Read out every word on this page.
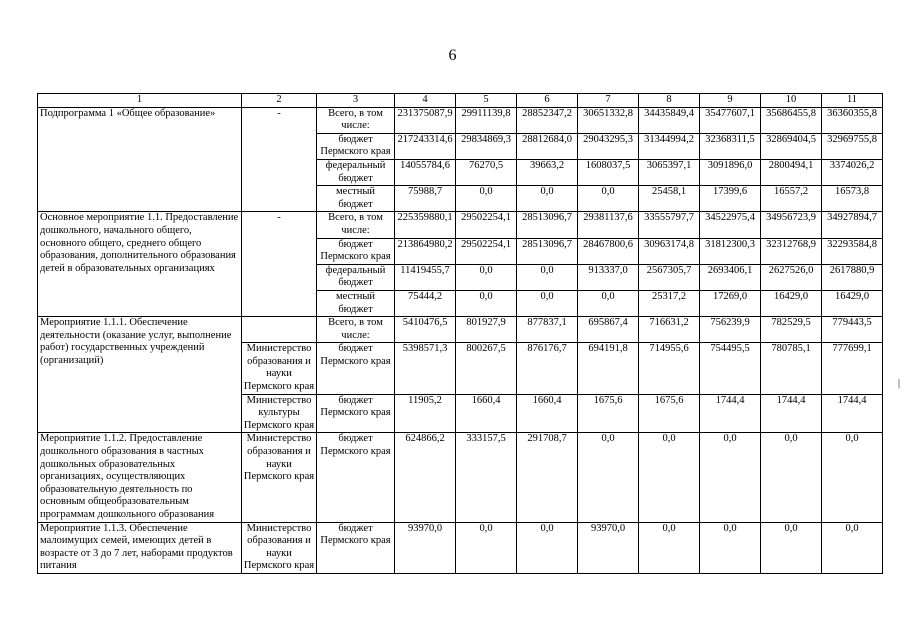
6
|
1	2	3	4	5	6	7	8	9	10	11
Подпрограмма 1 «Общее образование»	-	Всего, в том числе:	231375087,9	29911139,8	28852347,2	30651332,8	34435849,4	35477607,1	35686455,8	36360355,8
		бюджет Пермского края	217243314,6	29834869,3	28812684,0	29043295,3	31344994,2	32368311,5	32869404,5	32969755,8
		федеральный бюджет	14055784,6	76270,5	39663,2	1608037,5	3065397,1	3091896,0	2800494,1	3374026,2
		местный бюджет	75988,7	0,0	0,0	0,0	25458,1	17399,6	16557,2	16573,8
Основное мероприятие 1.1. Предоставление дошкольного, начального общего, основного общего, среднего общего образования, дополнительного образования детей в образовательных организациях	-	Всего, в том числе:	225359880,1	29502254,1	28513096,7	29381137,6	33555797,7	34522975,4	34956723,9	34927894,7
		бюджет Пермского края	213864980,2	29502254,1	28513096,7	28467800,6	30963174,8	31812300,3	32312768,9	32293584,8
		федеральный бюджет	11419455,7	0,0	0,0	913337,0	2567305,7	2693406,1	2627526,0	2617880,9
		местный бюджет	75444,2	0,0	0,0	0,0	25317,2	17269,0	16429,0	16429,0
Мероприятие 1.1.1. Обеспечение деятельности (оказание услуг, выполнение работ) государственных учреждений (организаций)		Всего, в том числе:	5410476,5	801927,9	877837,1	695867,4	716631,2	756239,9	782529,5	779443,5
	Министерство образования и науки Пермского края	бюджет Пермского края	5398571,3	800267,5	876176,7	694191,8	714955,6	754495,5	780785,1	777699,1
	Министерство культуры Пермского края	бюджет Пермского края	11905,2	1660,4	1660,4	1675,6	1675,6	1744,4	1744,4	1744,4
Мероприятие 1.1.2. Предоставление дошкольного образования в частных дошкольных образовательных организациях, осуществляющих образовательную деятельность по основным общеобразовательным программам дошкольного образования	Министерство образования и науки Пермского края	бюджет Пермского края	624866,2	333157,5	291708,7	0,0	0,0	0,0	0,0	0,0
Мероприятие 1.1.3. Обеспечение малоимущих семей, имеющих детей в возрасте от 3 до 7 лет, наборами продуктов питания	Министерство образования и науки Пермского края	бюджет Пермского края	93970,0	0,0	0,0	93970,0	0,0	0,0	0,0	0,0
